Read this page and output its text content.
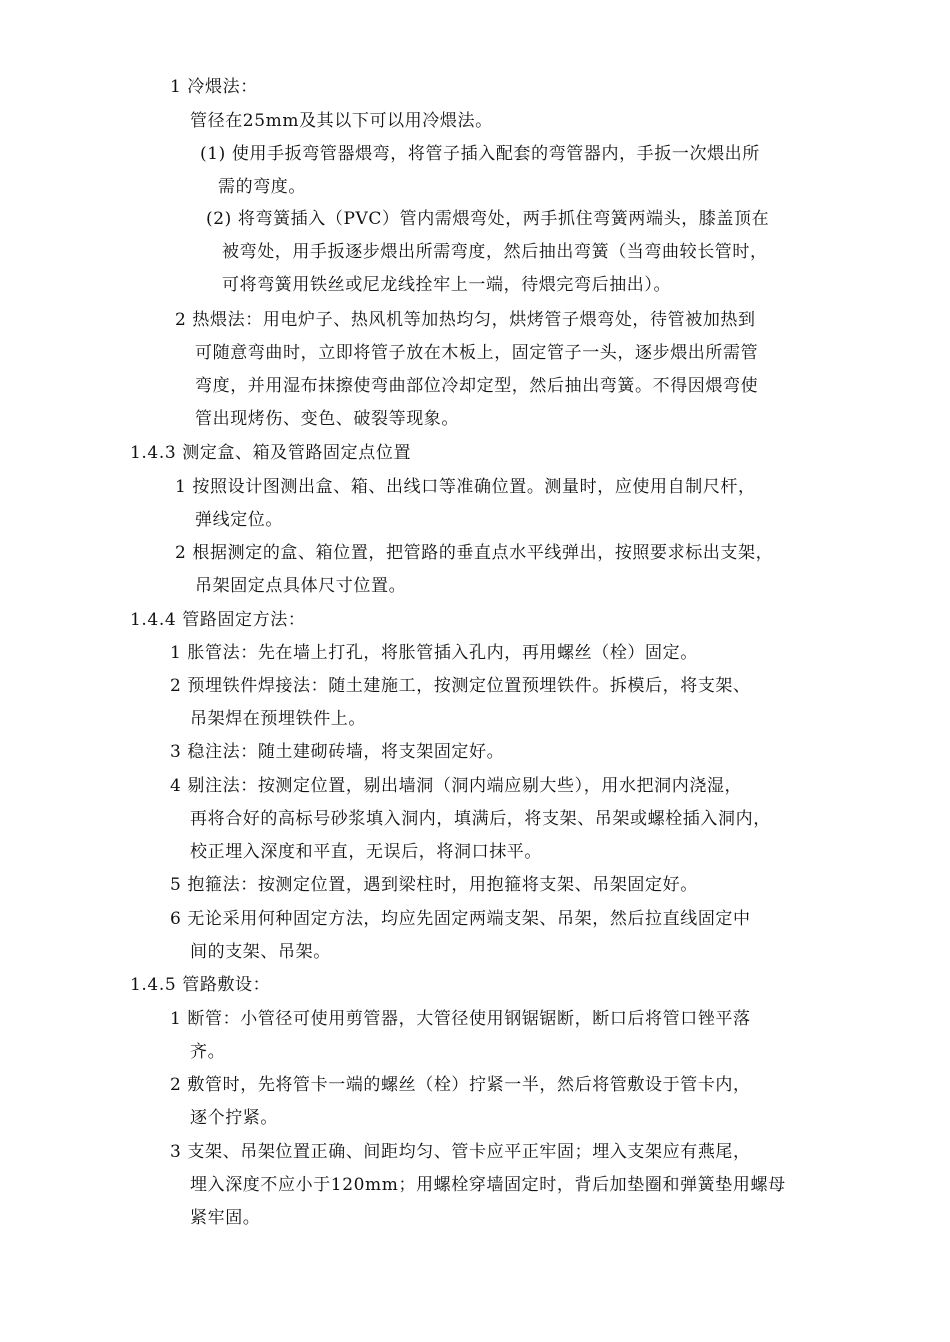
1 冷煨法：
管径在25mm及其以下可以用冷煨法。
(1) 使用手扳弯管器煨弯，将管子插入配套的弯管器内，手扳一次煨出所
需的弯度。
(2) 将弯簧插入（PVC）管内需煨弯处，两手抓住弯簧两端头，膝盖顶在
被弯处，用手扳逐步煨出所需弯度，然后抽出弯簧（当弯曲较长管时，
可将弯簧用铁丝或尼龙线拴牢上一端，待煨完弯后抽出）。
2 热煨法：用电炉子、热风机等加热均匀，烘烤管子煨弯处，待管被加热到
可随意弯曲时，立即将管子放在木板上，固定管子一头，逐步煨出所需管
弯度，并用湿布抹擦使弯曲部位冷却定型，然后抽出弯簧。不得因煨弯使
管出现烤伤、变色、破裂等现象。
1.4.3 测定盒、箱及管路固定点位置
1 按照设计图测出盒、箱、出线口等准确位置。测量时，应使用自制尺杆，
弹线定位。
2 根据测定的盒、箱位置，把管路的垂直点水平线弹出，按照要求标出支架，
吊架固定点具体尺寸位置。
1.4.4 管路固定方法：
1 胀管法：先在墙上打孔，将胀管插入孔内，再用螺丝（栓）固定。
2 预埋铁件焊接法：随土建施工，按测定位置预埋铁件。拆模后，将支架、
吊架焊在预埋铁件上。
3 稳注法：随土建砌砖墙，将支架固定好。
4 剔注法：按测定位置，剔出墙洞（洞内端应剔大些），用水把洞内浇湿，
再将合好的高标号砂浆填入洞内，填满后，将支架、吊架或螺栓插入洞内，
校正埋入深度和平直，无误后，将洞口抹平。
5 抱箍法：按测定位置，遇到梁柱时，用抱箍将支架、吊架固定好。
6 无论采用何种固定方法，均应先固定两端支架、吊架，然后拉直线固定中
间的支架、吊架。
1.4.5 管路敷设：
1 断管：小管径可使用剪管器，大管径使用钢锯锯断，断口后将管口锉平落
齐。
2 敷管时，先将管卡一端的螺丝（栓）拧紧一半，然后将管敷设于管卡内，
逐个拧紧。
3 支架、吊架位置正确、间距均匀、管卡应平正牢固；埋入支架应有燕尾，
埋入深度不应小于120mm；用螺栓穿墙固定时，背后加垫圈和弹簧垫用螺母
紧牢固。
